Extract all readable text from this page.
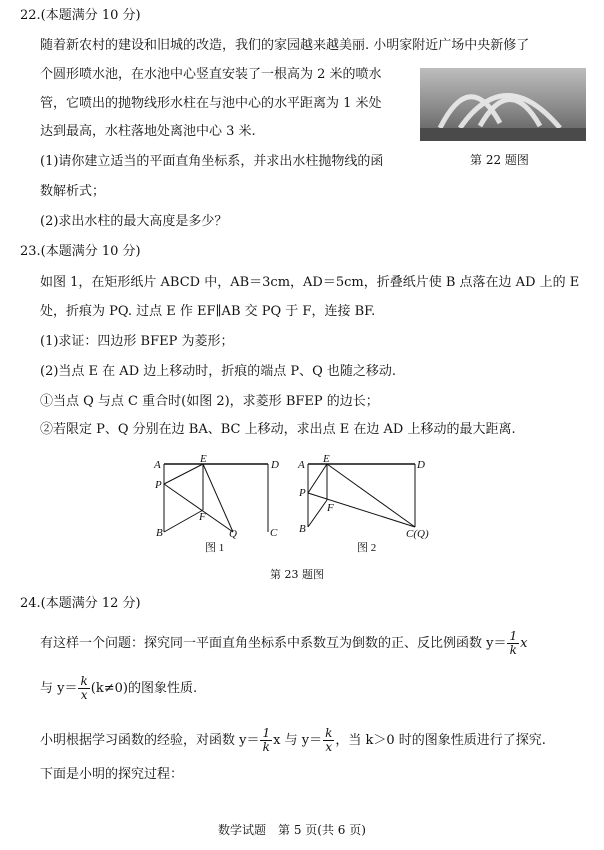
22.(本题满分 10 分)
随着新农村的建设和旧城的改造，我们的家园越来越美丽. 小明家附近广场中央新修了
个圆形喷水池，在水池中心竖直安装了一根高为 2 米的喷水
管，它喷出的抛物线形水柱在与池中心的水平距离为 1 米处
达到最高，水柱落地处离池中心 3 米.
(1)请你建立适当的平面直角坐标系，并求出水柱抛物线的函
数解析式；
(2)求出水柱的最大高度是多少？
第 22 题图
23.(本题满分 10 分)
如图 1，在矩形纸片 ABCD 中，AB＝3cm，AD＝5cm，折叠纸片使 B 点落在边 AD 上的 E
处，折痕为 PQ. 过点 E 作 EF∥AB 交 PQ 于 F，连接 BF.
(1)求证：四边形 BFEP 为菱形；
(2)当点 E 在 AD 边上移动时，折痕的端点 P、Q 也随之移动.
①当点 Q 与点 C 重合时(如图 2)，求菱形 BFEP 的边长；
②若限定 P、Q 分别在边 BA、BC 上移动，求出点 E 在边 AD 上移动的最大距离.
A	E	D
P
F
B	Q	C
图 1
A E	D
P
F
B	C(Q)
图 2
第 23 题图
24.(本题满分 12 分)
有这样一个问题：探究同一平面直角坐标系中系数互为倒数的正、反比例函数 $y= \frac{1}{k}$ x
与 $y= \frac{k}{x} (k\ne 0)$的图象性质.
小明根据学习函数的经验，对函数 $y= \frac{1}{k}$ x 与 $y= \frac{k}{x}$ ，当 k＞0 时的图象性质进行了探究.
下面是小明的探究过程：
数学试题　第 5 页(共 6 页)
